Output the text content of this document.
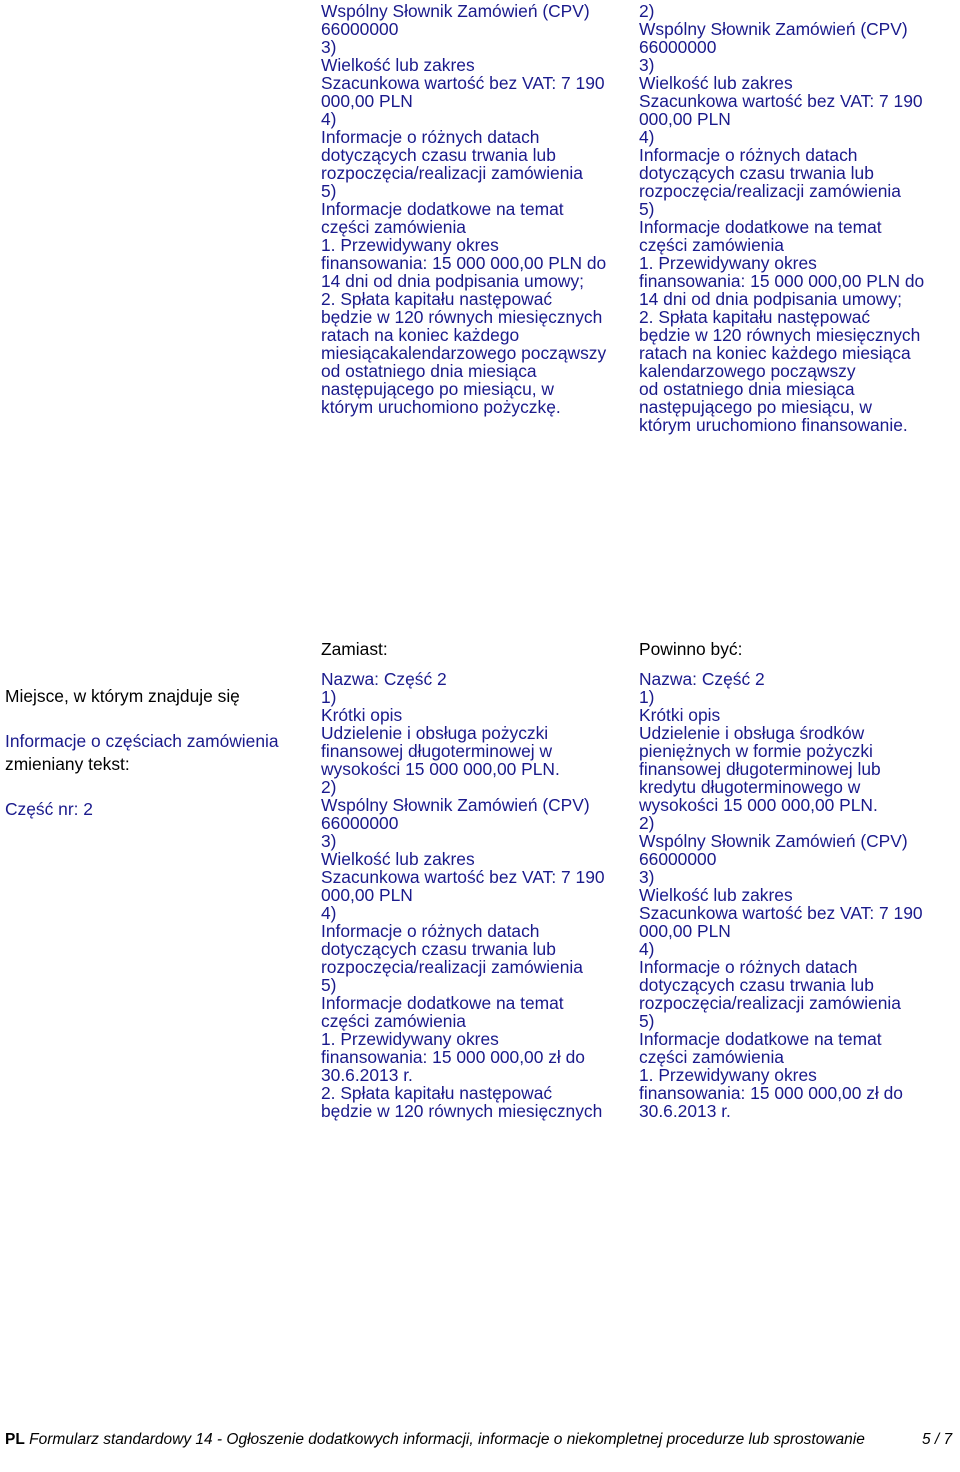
Wspólny Słownik Zamówień (CPV)
66000000
3)
Wielkość lub zakres
Szacunkowa wartość bez VAT: 7 190
000,00 PLN
4)
Informacje o różnych datach
dotyczących czasu trwania lub
rozpoczęcia/realizacji zamówienia
5)
Informacje dodatkowe na temat
części zamówienia
1. Przewidywany okres
finansowania: 15 000 000,00 PLN do
14 dni od dnia podpisania umowy;
2. Spłata kapitału następować
będzie w 120 równych miesięcznych
ratach na koniec każdego
miesiącakalendarzowego począwszy
od ostatniego dnia miesiąca
następującego po miesiącu, w
którym uruchomiono pożyczkę.
2)
Wspólny Słownik Zamówień (CPV)
66000000
3)
Wielkość lub zakres
Szacunkowa wartość bez VAT: 7 190
000,00 PLN
4)
Informacje o różnych datach
dotyczących czasu trwania lub
rozpoczęcia/realizacji zamówienia
5)
Informacje dodatkowe na temat
części zamówienia
1. Przewidywany okres
finansowania: 15 000 000,00 PLN do
14 dni od dnia podpisania umowy;
2. Spłata kapitału następować
będzie w 120 równych miesięcznych
ratach na koniec każdego miesiąca
kalendarzowego począwszy
od ostatniego dnia miesiąca
następującego po miesiącu, w
którym uruchomiono finansowanie.

Miejsce, w którym znajduje się

zmieniany tekst:

Informacje o częściach zamówienia

Część nr: 2

Zamiast:	Powinno być:
Nazwa: Część 2
1)
Krótki opis
Udzielenie i obsługa pożyczki
finansowej długoterminowej w
wysokości 15 000 000,00 PLN.
2)
Wspólny Słownik Zamówień (CPV)
66000000
3)
Wielkość lub zakres
Szacunkowa wartość bez VAT: 7 190
000,00 PLN
4)
Informacje o różnych datach
dotyczących czasu trwania lub
rozpoczęcia/realizacji zamówienia
5)
Informacje dodatkowe na temat
części zamówienia
1. Przewidywany okres
finansowania: 15 000 000,00 zł do
30.6.2013 r.
2. Spłata kapitału następować
będzie w 120 równych miesięcznych
Nazwa: Część 2
1)
Krótki opis
Udzielenie i obsługa środków
pieniężnych w formie pożyczki
finansowej długoterminowej lub
kredytu długoterminowego w
wysokości 15 000 000,00 PLN.
2)
Wspólny Słownik Zamówień (CPV)
66000000
3)
Wielkość lub zakres
Szacunkowa wartość bez VAT: 7 190
000,00 PLN
4)
Informacje o różnych datach
dotyczących czasu trwania lub
rozpoczęcia/realizacji zamówienia
5)
Informacje dodatkowe na temat
części zamówienia
1. Przewidywany okres
finansowania: 15 000 000,00 zł do
30.6.2013 r.
PL Formularz standardowy 14 - Ogłoszenie dodatkowych informacji, informacje o niekompletnej procedurze lub sprostowanie	5 / 7
